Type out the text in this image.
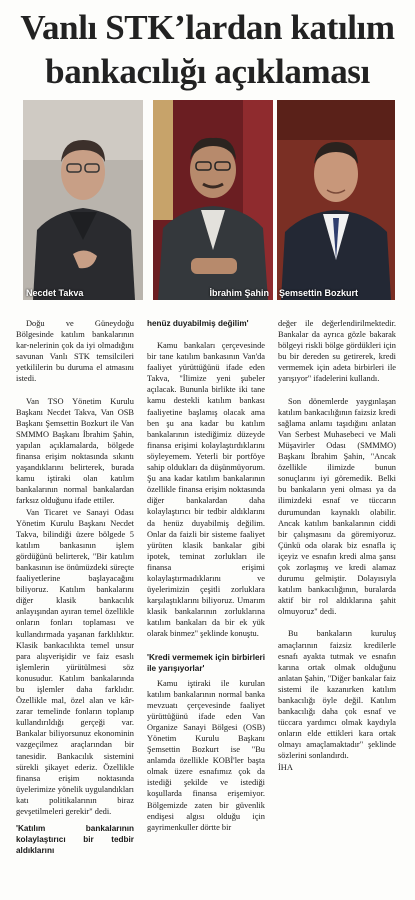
Vanlı STK’lardan katılım bankacılığı açıklaması
Necdet Takva	İbrahim Şahin Şemsettin Bozkurt

Doğu ve Güneydoğu Bölgesinde katılım bankalarının kar-nelerinin çok da iyi olmadığını savunan Vanlı STK temsilcileri yetkililerin bu duruma el atmasını istedi.

Van TSO Yönetim Kurulu Başkanı Necdet Takva, Van OSB Başkanı Şemsettin Bozkurt ile Van SMMMO Başkanı İbrahim Şahin, yapılan açıklamalarda, bölgede finansa erişim noktasında sıkıntı yaşandıklarını belirterek, burada kamu iştiraki olan katılım bankalarının normal bankalardan farksız olduğunu ifade ettiler.

Van Ticaret ve Sanayi Odası Yönetim Kurulu Başkanı Necdet Takva, bilindiği üzere bölgede 5 katılım bankasının işlem gördüğünü belirterek, "Bir katılım bankasının ise önümüzdeki süreçte faaliyetlerine başlayacağını biliyoruz. Katılım bankalarını diğer klasik bankacılık anlayışından ayıran temel özellikle onların fonları toplaması ve kullandırmada yaşanan farklılıktır. Klasik bankacılıkta temel unsur para alışverişidir ve faiz esaslı işlemlerin yürütülmesi söz konusudur. Katılım bankalarında bu işlemler daha farklıdır. Özellikle mal, özel alan ve kâr-zarar temelinde fonların toplanıp kullandırıldığı gerçeği var. Bankalar biliyorsunuz ekonominin vazgeçilmez araçlarından bir tanesidir. Bankacılık sistemini sürekli şikayet ederiz. Özellikle finansa erişim noktasında üyelerimize yönelik uygulandıkları katı politikalarının biraz gevşetilmeleri gerekir" dedi.

'Katılım bankalarının kolaylaştırıcı bir tedbir aldıklarını

henüz duyabilmiş değilim'

Kamu bankaları çerçevesinde bir tane katılım bankasının Van'da faaliyet yürüttüğünü ifade eden Takva, "İlimize yeni şubeler açılacak. Bununla birlikte iki tane kamu destekli katılım bankası faaliyetine başlamış olacak ama ben şu ana kadar bu katılım bankalarının istediğimiz düzeyde finansa erişimi kolaylaştırdıklarını söyleyemem. Yeterli bir portföye sahip oldukları da düşünmüyorum. Şu ana kadar katılım bankalarının özellikle finansa erişim noktasında diğer bankalardan daha kolaylaştırıcı bir tedbir aldıklarını da henüz duyabilmiş değilim. Onlar da faizli bir sisteme faaliyet yürüten klasik bankalar gibi ipotek, teminat zorlukları ile finansa erişimi kolaylaştırmadıklarını ve üyelerimizin çeşitli zorluklara karşılaştıklarını biliyoruz. Umarım klasik bankalarının zorluklarına katılım bankaları da bir ek yük olarak binmez" şeklinde konuştu.

'Kredi vermemek için birbirleri ile yarışıyorlar'

Kamu iştiraki ile kurulan katılım bankalarının normal banka mevzuatı çerçevesinde faaliyet yürüttüğünü ifade eden Van Organize Sanayi Bölgesi (OSB) Yönetim Kurulu Başkanı Şemsettin Bozkurt ise "Bu anlamda özellikle KOBİ'ler başta olmak üzere esnafımız çok da istediği şekilde ve istediği koşullarda finansa erişemiyor. Bölgemizde zaten bir güvenlik endişesi algısı olduğu için gayrimenkuller dörtte bir

değer ile değerlendirilmektedir. Bankalar da ayrıca gözle bakarak bölgeyi riskli bölge gördükleri için bu bir dereden su getirerek, kredi vermemek için adeta birbirleri ile yarışıyor" ifadelerini kullandı.

Son dönemlerde yaygınlaşan katılım bankacılığının faizsiz kredi sağlama anlamı taşıdığını anlatan Van Serbest Muhasebeci ve Mali Müşavirler Odası (SMMMO) Başkanı İbrahim Şahin, "Ancak özellikle ilimizde bunun sonuçlarını iyi göremedik. Belki bu bankaların yeni olması ya da ilimizdeki esnaf ve tüccarın durumundan kaynaklı olabilir. Ancak katılım bankalarının ciddi bir çalışmasını da göremiyoruz. Çünkü oda olarak biz esnafla iç içeyiz ve esnafın kredi alma şansı çok zorlaşmış ve kredi alamaz durumu gelmiştir. Dolayısıyla katılım bankacılığının, buralarda aktif bir rol aldıklarına şahit olmuyoruz" dedi.

Bu bankaların kuruluş amaçlarının faizsiz kredilerle esnafı ayakta tutmak ve esnafın karına ortak olmak olduğunu anlatan Şahin, "Diğer bankalar faiz sistemi ile kazanırken katılım bankacılığı öyle değil. Katılım bankacılığı daha çok esnaf ve tüccara yardımcı olmak kaydıyla onların elde ettikleri kara ortak olmayı amaçlamaktadır" şeklinde sözlerini sonlandırdı.

İHA
